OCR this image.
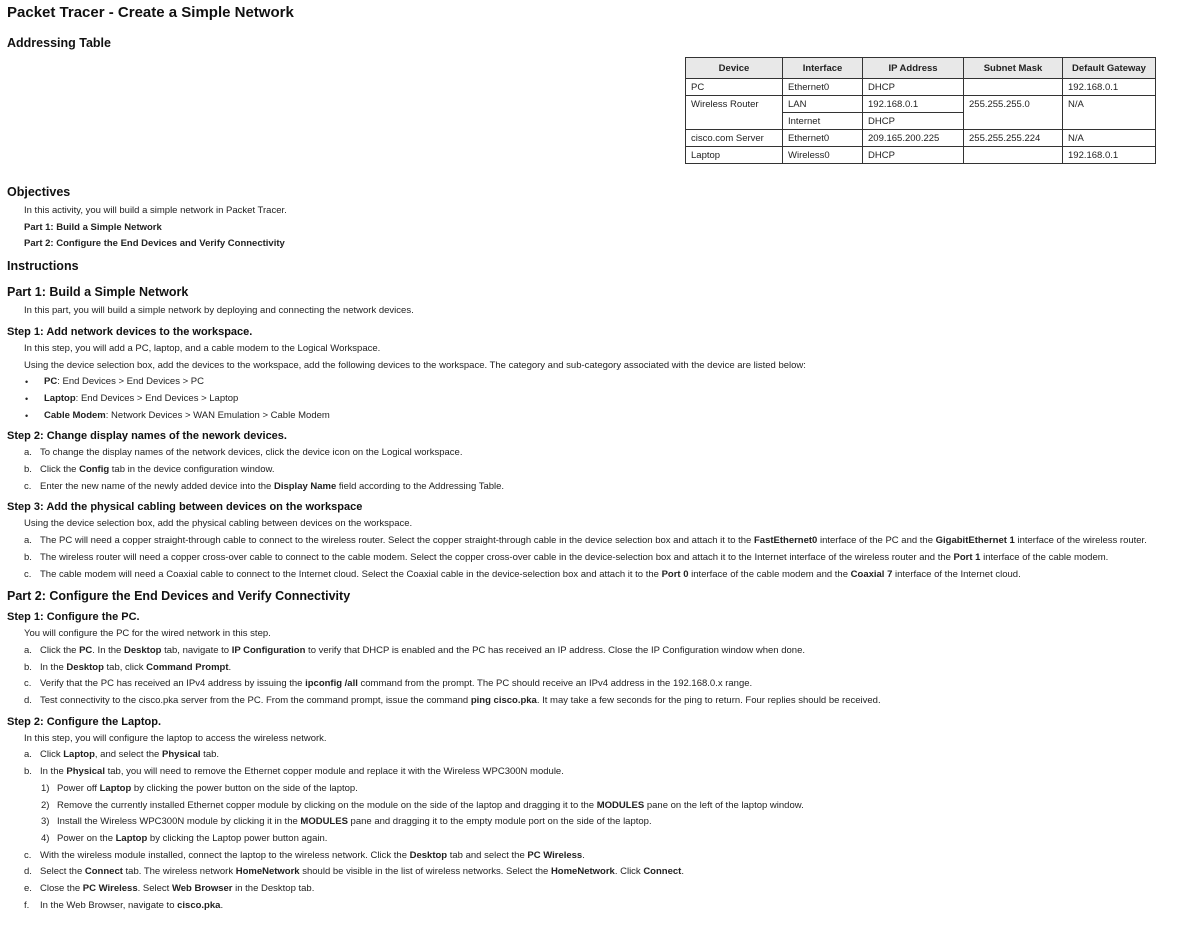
Packet Tracer - Create a Simple Network
Addressing Table
Device	Interface	IP Address	Subnet Mask	Default Gateway
PC	Ethernet0	DHCP		192.168.0.1
Wireless Router	LAN	192.168.0.1	255.255.255.0	N/A
	Internet	DHCP		
cisco.com Server	Ethernet0	209.165.200.225	255.255.255.224	N/A
Laptop	Wireless0	DHCP		192.168.0.1
Objectives
In this activity, you will build a simple network in Packet Tracer.
Part 1: Build a Simple Network
Part 2: Configure the End Devices and Verify Connectivity
Instructions
Part 1: Build a Simple Network
In this part, you will build a simple network by deploying and connecting the network devices.
Step 1: Add network devices to the workspace.
In this step, you will add a PC, laptop, and a cable modem to the Logical Workspace.
Using the device selection box, add the devices to the workspace, add the following devices to the workspace. The category and sub-category associated with the device are listed below:
• PC: End Devices > End Devices > PC
• Laptop: End Devices > End Devices > Laptop
• Cable Modem: Network Devices > WAN Emulation > Cable Modem
Step 2: Change display names of the nework devices.
a. To change the display names of the network devices, click the device icon on the Logical workspace.
b. Click the Config tab in the device configuration window.
c. Enter the new name of the newly added device into the Display Name field according to the Addressing Table.
Step 3: Add the physical cabling between devices on the workspace
Using the device selection box, add the physical cabling between devices on the workspace.
a. The PC will need a copper straight-through cable to connect to the wireless router. Select the copper straight-through cable in the device selection box and attach it to the FastEthernet0 interface of the PC and the GigabitEthernet 1 interface of the wireless router.
b. The wireless router will need a copper cross-over cable to connect to the cable modem. Select the copper cross-over cable in the device-selection box and attach it to the Internet interface of the wireless router and the Port 1 interface of the cable modem.
c. The cable modem will need a Coaxial cable to connect to the Internet cloud. Select the Coaxial cable in the device-selection box and attach it to the Port 0 interface of the cable modem and the Coaxial 7 interface of the Internet cloud.
Part 2: Configure the End Devices and Verify Connectivity
Step 1: Configure the PC.
You will configure the PC for the wired network in this step.
a. Click the PC. In the Desktop tab, navigate to IP Configuration to verify that DHCP is enabled and the PC has received an IP address. Close the IP Configuration window when done.
b. In the Desktop tab, click Command Prompt.
c. Verify that the PC has received an IPv4 address by issuing the ipconfig /all command from the prompt. The PC should receive an IPv4 address in the 192.168.0.x range.
d. Test connectivity to the cisco.pka server from the PC. From the command prompt, issue the command ping cisco.pka. It may take a few seconds for the ping to return. Four replies should be received.
Step 2: Configure the Laptop.
In this step, you will configure the laptop to access the wireless network.
a. Click Laptop, and select the Physical tab.
b. In the Physical tab, you will need to remove the Ethernet copper module and replace it with the Wireless WPC300N module.
1) Power off Laptop by clicking the power button on the side of the laptop.
2) Remove the currently installed Ethernet copper module by clicking on the module on the side of the laptop and dragging it to the MODULES pane on the left of the laptop window.
3) Install the Wireless WPC300N module by clicking it in the MODULES pane and dragging it to the empty module port on the side of the laptop.
4) Power on the Laptop by clicking the Laptop power button again.
c. With the wireless module installed, connect the laptop to the wireless network. Click the Desktop tab and select the PC Wireless.
d. Select the Connect tab. The wireless network HomeNetwork should be visible in the list of wireless networks. Select the HomeNetwork. Click Connect.
e. Close the PC Wireless. Select Web Browser in the Desktop tab.
f. In the Web Browser, navigate to cisco.pka.
